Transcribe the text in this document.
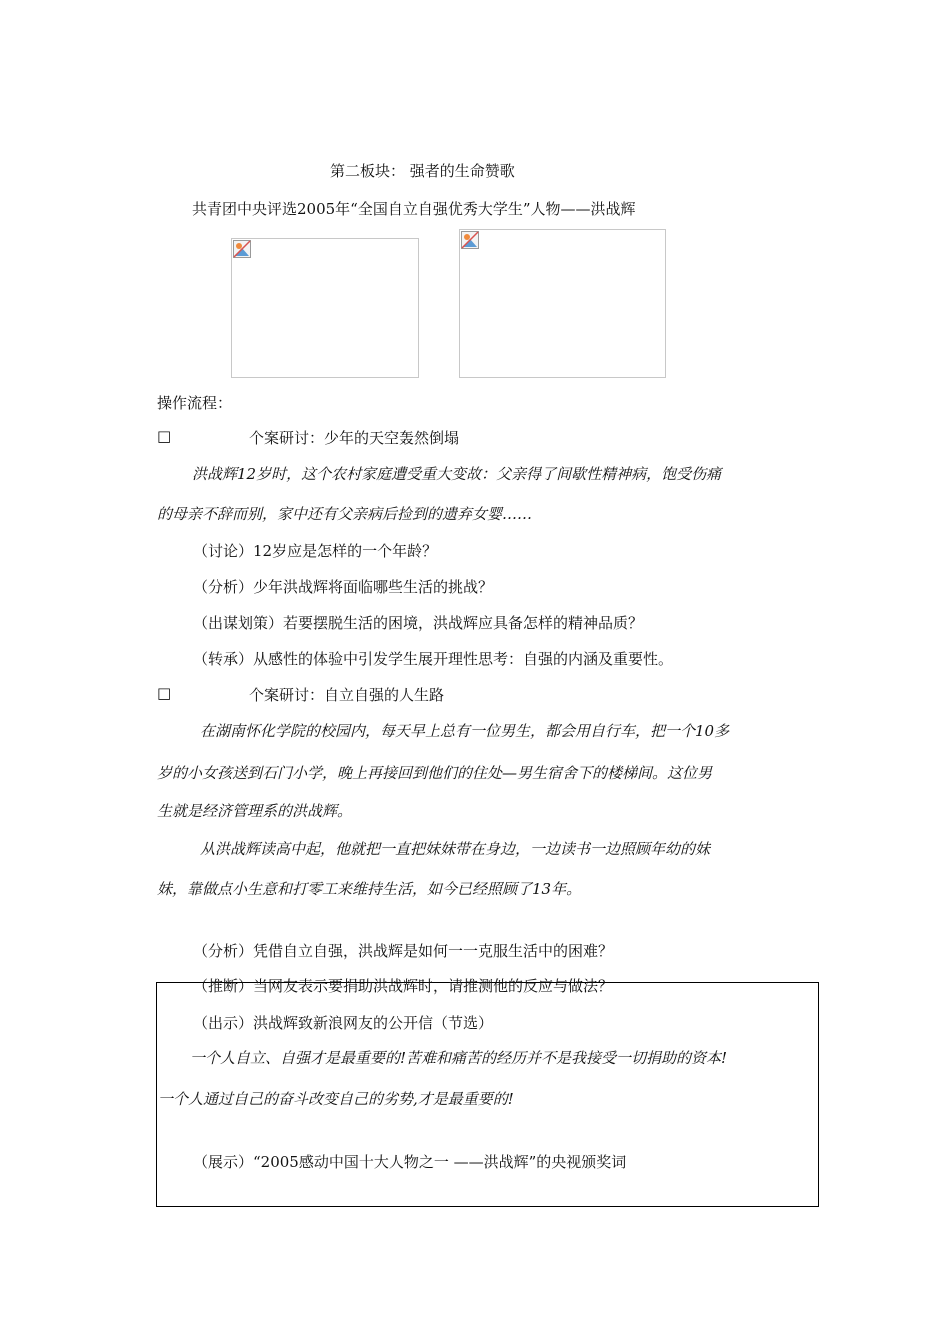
第二板块： 强者的生命赞歌
共青团中央评选2005年“全国自立自强优秀大学生”人物——洪战辉
操作流程：
□	个案研讨：少年的天空轰然倒塌
洪战辉12岁时，这个农村家庭遭受重大变故：父亲得了间歇性精神病，饱受伤痛
的母亲不辞而别，家中还有父亲病后捡到的遗弃女婴……
（讨论）12岁应是怎样的一个年龄？
（分析）少年洪战辉将面临哪些生活的挑战？
（出谋划策）若要摆脱生活的困境，洪战辉应具备怎样的精神品质？
（转承）从感性的体验中引发学生展开理性思考：自强的内涵及重要性。
□	个案研讨：自立自强的人生路
在湖南怀化学院的校园内，每天早上总有一位男生，都会用自行车，把一个10多
岁的小女孩送到石门小学，晚上再接回到他们的住处—男生宿舍下的楼梯间。这位男
生就是经济管理系的洪战辉。
从洪战辉读高中起，他就把一直把妹妹带在身边，一边读书一边照顾年幼的妹
妹，靠做点小生意和打零工来维持生活，如今已经照顾了13年。
（分析）凭借自立自强，洪战辉是如何一一克服生活中的困难？
（推断）当网友表示要捐助洪战辉时，请推测他的反应与做法？
（出示）洪战辉致新浪网友的公开信（节选）
一个人自立、自强才是最重要的!苦难和痛苦的经历并不是我接受一切捐助的资本!
一个人通过自己的奋斗改变自己的劣势,才是最重要的!
（展示）“2005感动中国十大人物之一 ——洪战辉”的央视颁奖词
